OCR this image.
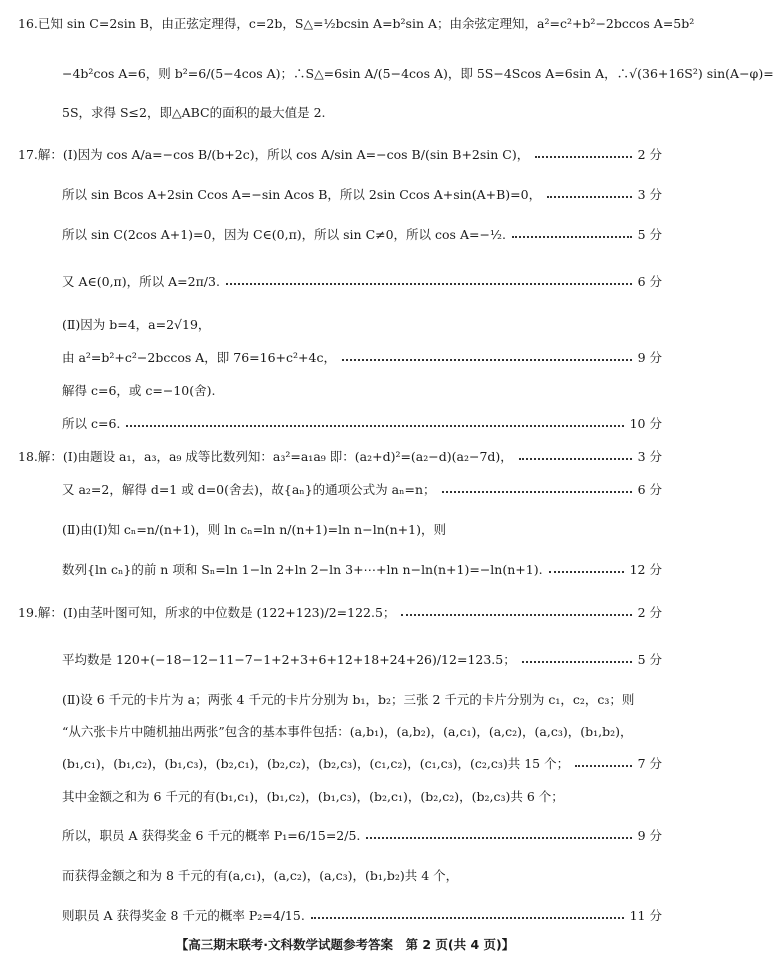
16.已知 sin C=2sin B，由正弦定理得，c=2b，S△=½bcsin A=b²sin A；由余弦定理知，a²=c²+b²−2bccos A=5b²
−4b²cos A=6，则 b²=6/(5−4cos A)；∴S△=6sin A/(5−4cos A)，即 5S−4Scos A=6sin A，∴√(36+16S²) sin(A−φ)=
5S，求得 S≤2，即△ABC的面积的最大值是 2.
17.解：(Ⅰ)因为 cos A/a=−cos B/(b+2c)，所以 cos A/sin A=−cos B/(sin B+2sin C)，	2 分
所以 sin Bcos A+2sin Ccos A=−sin Acos B，所以 2sin Ccos A+sin(A+B)=0，	3 分
所以 sin C(2cos A+1)=0，因为 C∈(0,π)，所以 sin C≠0，所以 cos A=−½.	5 分
又 A∈(0,π)，所以 A=2π/3.	6 分
(Ⅱ)因为 b=4，a=2√19，
由 a²=b²+c²−2bccos A，即 76=16+c²+4c，	9 分
解得 c=6，或 c=−10(舍).
所以 c=6.	10 分
18.解：(Ⅰ)由题设 a₁，a₃，a₉ 成等比数列知：a₃²=a₁a₉ 即：(a₂+d)²=(a₂−d)(a₂−7d)，	3 分
又 a₂=2，解得 d=1 或 d=0(舍去)，故{aₙ}的通项公式为 aₙ=n；	6 分
(Ⅱ)由(Ⅰ)知 cₙ=n/(n+1)，则 ln cₙ=ln n/(n+1)=ln n−ln(n+1)，则
数列{ln cₙ}的前 n 项和 Sₙ=ln 1−ln 2+ln 2−ln 3+⋯+ln n−ln(n+1)=−ln(n+1).	12 分
19.解：(Ⅰ)由茎叶图可知，所求的中位数是 (122+123)/2=122.5；	2 分
平均数是 120+(−18−12−11−7−1+2+3+6+12+18+24+26)/12=123.5；	5 分
(Ⅱ)设 6 千元的卡片为 a；两张 4 千元的卡片分别为 b₁，b₂；三张 2 千元的卡片分别为 c₁，c₂，c₃；则
“从六张卡片中随机抽出两张”包含的基本事件包括：(a,b₁)，(a,b₂)，(a,c₁)，(a,c₂)，(a,c₃)，(b₁,b₂)，
(b₁,c₁)，(b₁,c₂)，(b₁,c₃)，(b₂,c₁)，(b₂,c₂)，(b₂,c₃)，(c₁,c₂)，(c₁,c₃)，(c₂,c₃)共 15 个；	7 分
其中金额之和为 6 千元的有(b₁,c₁)，(b₁,c₂)，(b₁,c₃)，(b₂,c₁)，(b₂,c₂)，(b₂,c₃)共 6 个；
所以，职员 A 获得奖金 6 千元的概率 P₁=6/15=2/5.	9 分
而获得金额之和为 8 千元的有(a,c₁)，(a,c₂)，(a,c₃)，(b₁,b₂)共 4 个，
则职员 A 获得奖金 8 千元的概率 P₂=4/15.	11 分
【高三期末联考·文科数学试题参考答案　第 2 页(共 4 页)】
